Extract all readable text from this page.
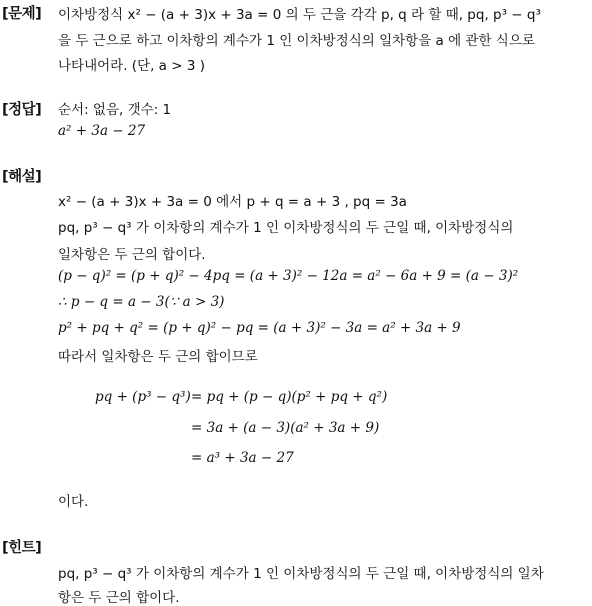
[문제] 이차방정식 x² − (a + 3)x + 3a = 0 의 두 근을 각각 p, q 라 할 때, pq, p³ − q³
을 두 근으로 하고 이차항의 계수가 1 인 이차방정식의 일차항을 a 에 관한 식으로
나타내어라. (단, a > 3 )
[정답] 순서: 없음, 갯수: 1
a² + 3a − 27
[해설]
x² − (a + 3)x + 3a = 0 에서 p + q = a + 3 , pq = 3a
pq, p³ − q³ 가 이차항의 계수가 1 인 이차방정식의 두 근일 때, 이차방정식의
일차항은 두 근의 합이다.
(p − q)² = (p + q)² − 4pq = (a + 3)² − 12a = a² − 6a + 9 = (a − 3)²
∴ p − q = a − 3(∵ a > 3)
p² + pq + q² = (p + q)² − pq = (a + 3)² − 3a = a² + 3a + 9
따라서 일차항은 두 근의 합이므로
pq + (p³ − q³) = pq + (p − q)(p² + pq + q²)
= 3a + (a − 3)(a² + 3a + 9)
= a³ + 3a − 27
이다.
[힌트]
pq, p³ − q³ 가 이차항의 계수가 1 인 이차방정식의 두 근일 때, 이차방정식의 일차
항은 두 근의 합이다.
